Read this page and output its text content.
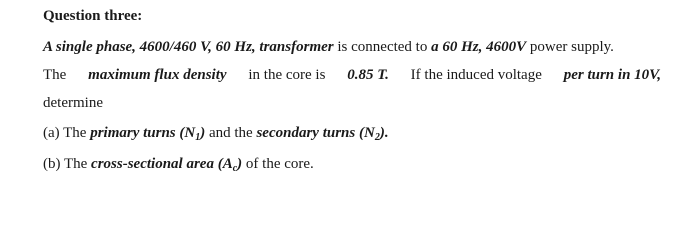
Question three:
A single phase, 4600/460 V, 60 Hz, transformer is connected to a 60 Hz, 4600V power supply.
The maximum flux density in the core is 0.85 T. If the induced voltage per turn in 10V,
determine
(a) The primary turns $(N_1)$ and the secondary turns $(N_2)$.
(b) The cross-sectional area $(A_c)$ of the core.
